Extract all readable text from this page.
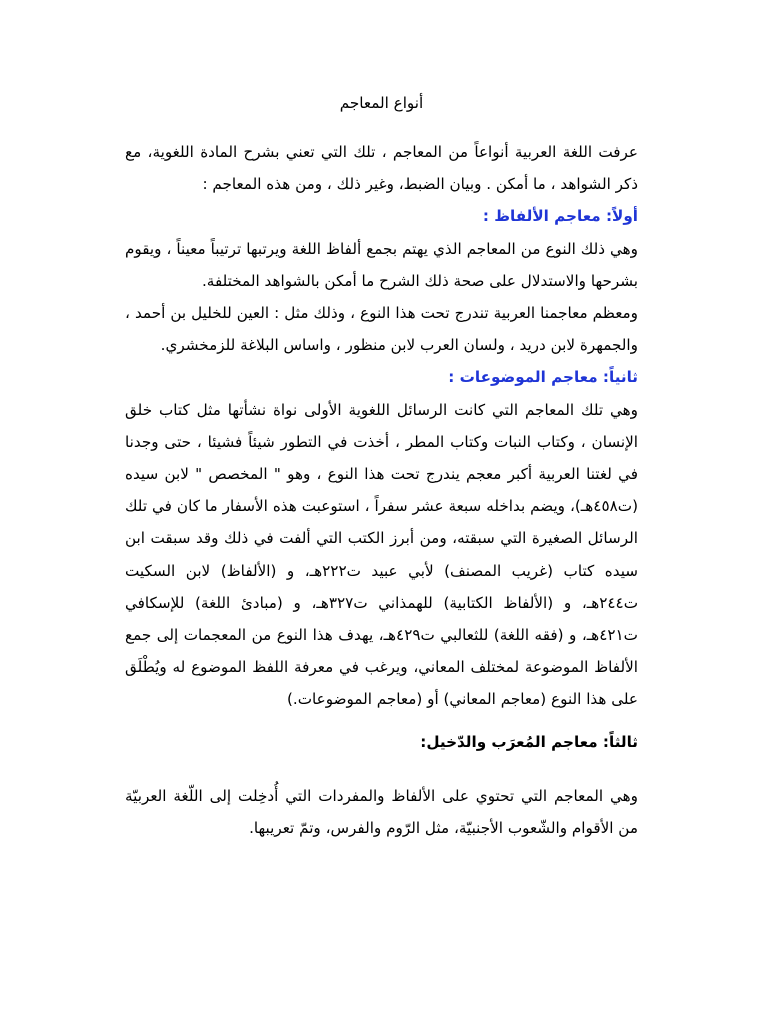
أنواع المعاجم

عرفت اللغة العربية أنواعاً من المعاجم ، تلك التي تعني بشرح المادة اللغوية، مع ذكر الشواهد ، ما أمكن . وبيان الضبط، وغير ذلك ، ومن هذه المعاجم :

أولاً: معاجم الألفاظ :

وهي ذلك النوع من المعاجم الذي يهتم بجمع ألفاظ اللغة ويرتبها ترتيباً معيناً ، ويقوم بشرحها والاستدلال على صحة ذلك الشرح ما أمكن بالشواهد المختلفة.

ومعظم معاجمنا العربية تندرج تحت هذا النوع ، وذلك مثل : العين للخليل بن أحمد ، والجمهرة لابن دريد ، ولسان العرب لابن منظور ، واساس البلاغة للزمخشري.

ثانياً: معاجم الموضوعات :

وهي تلك المعاجم التي كانت الرسائل اللغوية الأولى نواة نشأتها مثل كتاب خلق الإنسان ، وكتاب النبات وكتاب المطر ، أخذت في التطور شيئاً فشيئا ، حتى وجدنا في لغتنا العربية أكبر معجم يندرج تحت هذا النوع ، وهو " المخصص " لابن سيده (ت٤٥٨هـ)، ويضم بداخله سبعة عشر سفراً ، استوعبت هذه الأسفار ما كان في تلك الرسائل الصغيرة التي سبقته، ومن أبرز الكتب التي ألفت في ذلك وقد سبقت ابن سيده كتاب (غريب المصنف) لأبي عبيد ت٢٢٢هـ، و (الألفاظ) لابن السكيت ت٢٤٤هـ، و (الألفاظ الكتابية) للهمذاني ت٣٢٧هـ، و (مبادئ اللغة) للإسكافي ت٤٢١هـ، و (فقه اللغة) للثعالبي ت٤٢٩هـ، يهدف هذا النوع من المعجمات إلى جمع الألفاظ الموضوعة لمختلف المعاني، ويرغب في معرفة اللفظ الموضوع له ويُطْلَق على هذا النوع (معاجم المعاني) أو (معاجم الموضوعات.)

ثالثاً: معاجم المُعرَب والدّخيل:

وهي المعاجم التي تحتوي على الألفاظ والمفردات التي أُدخِلت إلى اللّغة العربيّة من الأقوام والشّعوب الأجنبيّة، مثل الرّوم والفرس، وتمّ تعريبها.
